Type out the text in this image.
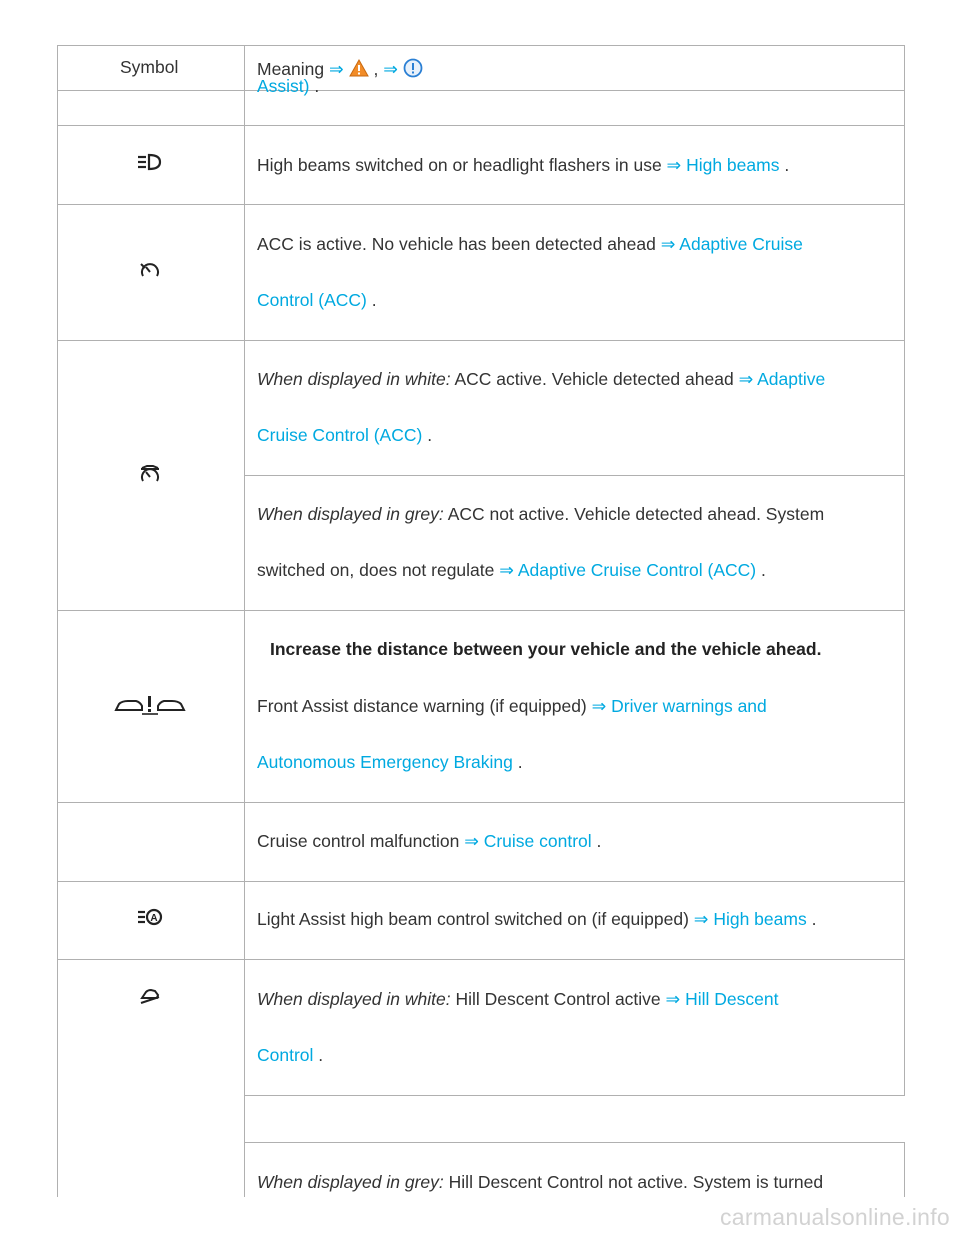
Symbol	Meaning ⇒ , ⇒
Assist) .
High beams switched on or headlight flashers in use ⇒ High beams .
ACC is active. No vehicle has been detected ahead ⇒ Adaptive Cruise
Control (ACC) .
When displayed in white: ACC active. Vehicle detected ahead ⇒ Adaptive
Cruise Control (ACC) .
When displayed in grey: ACC not active. Vehicle detected ahead. System
switched on, does not regulate ⇒ Adaptive Cruise Control (ACC) .
Increase the distance between your vehicle and the vehicle ahead.
Front Assist distance warning (if equipped) ⇒ Driver warnings and
Autonomous Emergency Braking .
Cruise control malfunction ⇒ Cruise control .
A	Light Assist high beam control switched on (if equipped) ⇒ High beams .
When displayed in white: Hill Descent Control active ⇒ Hill Descent
Control .
When displayed in grey: Hill Descent Control not active. System is turned
carmanualsonline.info
